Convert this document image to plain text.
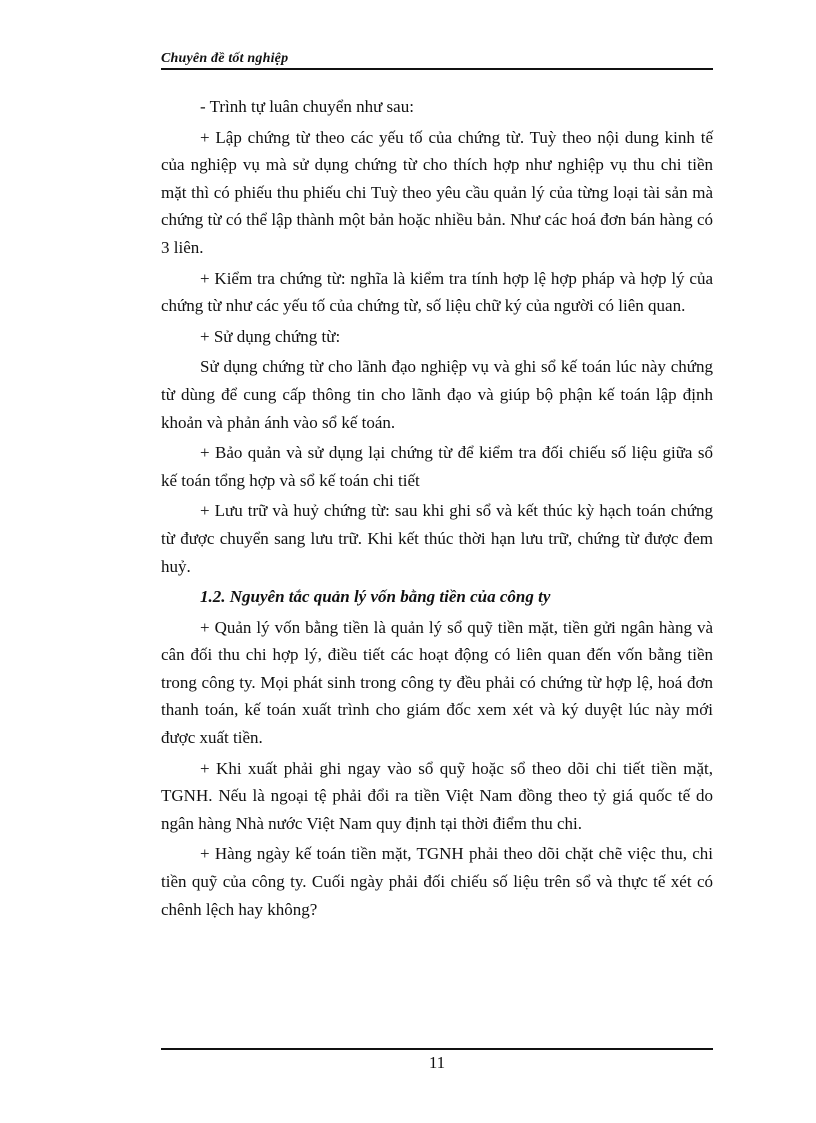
Chuyên đề tốt nghiệp

- Trình tự luân chuyển như sau:

+ Lập chứng từ theo các yếu tố của chứng từ. Tuỳ theo nội dung kinh tế của nghiệp vụ mà sử dụng chứng từ cho thích hợp như nghiệp vụ thu chi tiền mặt thì có phiếu thu phiếu chi Tuỳ theo yêu cầu quản lý của từng loại tài sản mà chứng từ có thể lập thành một bản hoặc nhiều bản. Như các hoá đơn bán hàng có 3 liên.

+ Kiểm tra chứng từ: nghĩa là kiểm tra tính hợp lệ hợp pháp và hợp lý của chứng từ như các yếu tố của chứng từ, số liệu chữ ký của người có liên quan.

+ Sử dụng chứng từ:

Sử dụng chứng từ cho lãnh đạo nghiệp vụ và ghi sổ kế toán lúc này chứng từ dùng để cung cấp thông tin cho lãnh đạo và giúp bộ phận kế toán lập định khoản và phản ánh vào sổ kế toán.

+ Bảo quản và sử dụng lại chứng từ để kiểm tra đối chiếu số liệu giữa sổ kế toán tổng hợp và sổ kế toán chi tiết

+ Lưu trữ và huỷ chứng từ: sau khi ghi sổ và kết thúc kỳ hạch toán chứng từ được chuyển sang lưu trữ. Khi kết thúc thời hạn lưu trữ, chứng từ được đem huỷ.

1.2. Nguyên tắc quản lý vốn bằng tiền của công ty

+ Quản lý vốn bằng tiền là quản lý sổ quỹ tiền mặt, tiền gửi ngân hàng và cân đối thu chi hợp lý, điều tiết các hoạt động có liên quan đến vốn bằng tiền trong công ty. Mọi phát sinh trong công ty đều phải có chứng từ hợp lệ, hoá đơn thanh toán, kế toán xuất trình cho giám đốc xem xét và ký duyệt lúc này mới được xuất tiền.

+ Khi xuất phải ghi ngay vào sổ quỹ hoặc sổ theo dõi chi tiết tiền mặt, TGNH. Nếu là ngoại tệ phải đổi ra tiền Việt Nam đồng theo tỷ giá quốc tế do ngân hàng Nhà nước Việt Nam quy định tại thời điểm thu chi.

+ Hàng ngày kế toán tiền mặt, TGNH phải theo dõi chặt chẽ việc thu, chi tiền quỹ của công ty. Cuối ngày phải đối chiếu số liệu trên sổ và thực tế xét có chênh lệch hay không?

11
